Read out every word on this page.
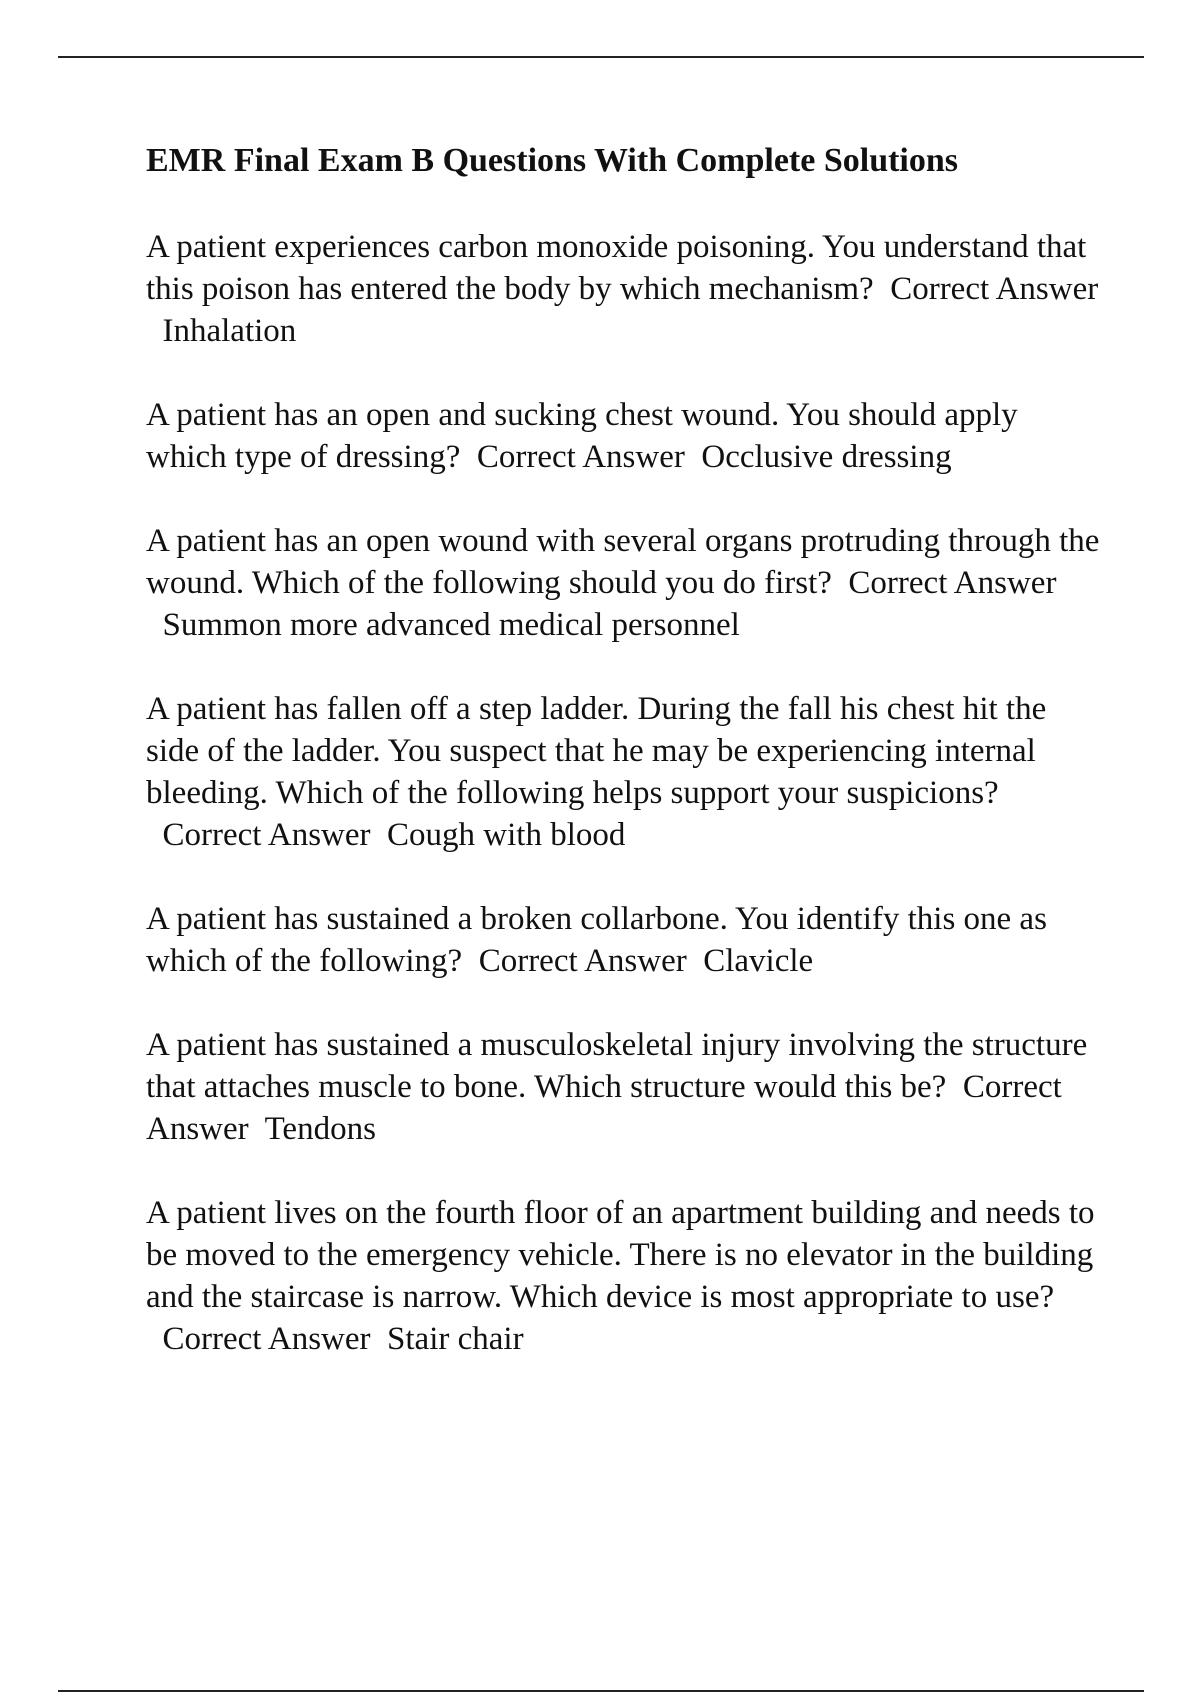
EMR Final Exam B Questions With Complete Solutions

A patient experiences carbon monoxide poisoning. You understand that this poison has entered the body by which mechanism? Correct Answer  Inhalation

A patient has an open and sucking chest wound. You should apply which type of dressing? Correct Answer Occlusive dressing

A patient has an open wound with several organs protruding through the wound. Which of the following should you do first? Correct Answer  Summon more advanced medical personnel

A patient has fallen off a step ladder. During the fall his chest hit the side of the ladder. You suspect that he may be experiencing internal bleeding. Which of the following helps support your suspicions?  Correct Answer Cough with blood

A patient has sustained a broken collarbone. You identify this one as which of the following? Correct Answer Clavicle

A patient has sustained a musculoskeletal injury involving the structure that attaches muscle to bone. Which structure would this be? Correct Answer Tendons

A patient lives on the fourth floor of an apartment building and needs to be moved to the emergency vehicle. There is no elevator in the building and the staircase is narrow. Which device is most appropriate to use?  Correct Answer Stair chair
